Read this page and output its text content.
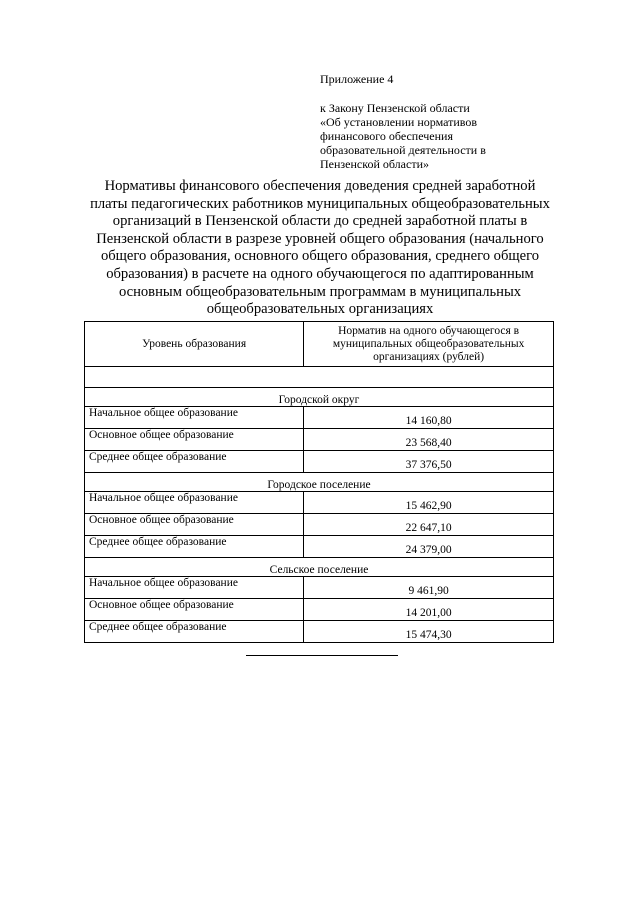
Приложение 4
к Закону Пензенской области
«Об установлении нормативов
финансового обеспечения
образовательной деятельности в
Пензенской области»
Нормативы финансового обеспечения доведения средней заработной
платы педагогических работников муниципальных общеобразовательных
организаций в Пензенской области до средней заработной платы в
Пензенской области в разрезе уровней общего образования (начального
общего образования, основного общего образования, среднего общего
образования) в расчете на одного обучающегося по адаптированным
основным общеобразовательным программам в муниципальных
общеобразовательных организациях
Уровень образования	Норматив на одного обучающегося в
муниципальных общеобразовательных
организациях (рублей)

Городской округ	
Начальное общее образование	14 160,80
Основное общее образование	23 568,40
Среднее общее образование	37 376,50
Городское поселение	
Начальное общее образование	15 462,90
Основное общее образование	22 647,10
Среднее общее образование	24 379,00
Сельское поселение	
Начальное общее образование	9 461,90
Основное общее образование	14 201,00
Среднее общее образование	15 474,30
